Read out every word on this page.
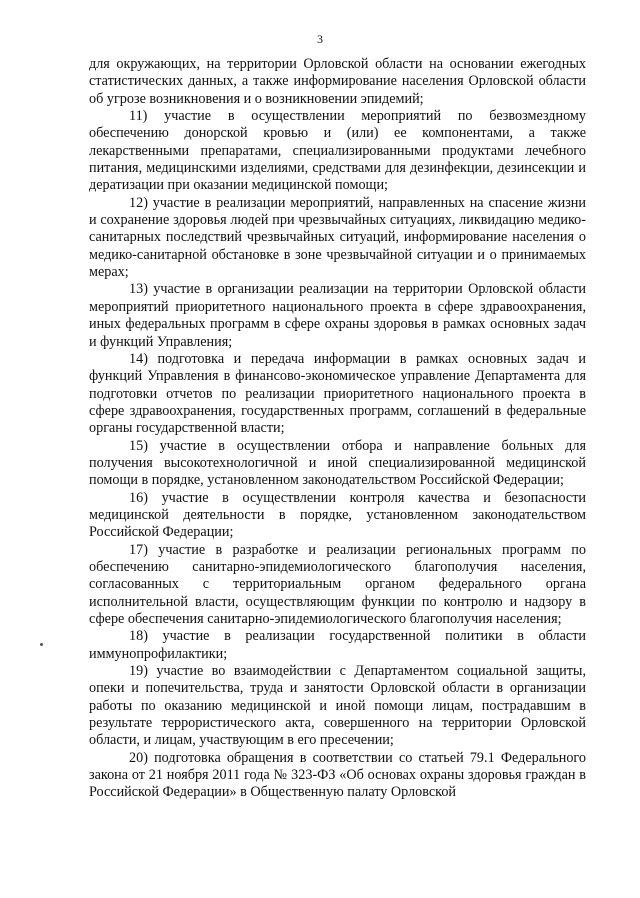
3

для окружающих, на территории Орловской области на основании ежегодных статистических данных, а также информирование населения Орловской области об угрозе возникновения и о возникновении эпидемий;

11) участие в осуществлении мероприятий по безвозмездному обеспечению донорской кровью и (или) ее компонентами, а также лекарственными препаратами, специализированными продуктами лечебного питания, медицинскими изделиями, средствами для дезинфекции, дезинсекции и дератизации при оказании медицинской помощи;

12) участие в реализации мероприятий, направленных на спасение жизни и сохранение здоровья людей при чрезвычайных ситуациях, ликвидацию медико-санитарных последствий чрезвычайных ситуаций, информирование населения о медико-санитарной обстановке в зоне чрезвычайной ситуации и о принимаемых мерах;

13) участие в организации реализации на территории Орловской области мероприятий приоритетного национального проекта в сфере здравоохранения, иных федеральных программ в сфере охраны здоровья в рамках основных задач и функций Управления;

14) подготовка и передача информации в рамках основных задач и функций Управления в финансово-экономическое управление Департамента для подготовки отчетов по реализации приоритетного национального проекта в сфере здравоохранения, государственных программ, соглашений в федеральные органы государственной власти;

15) участие в осуществлении отбора и направление больных для получения высокотехнологичной и иной специализированной медицинской помощи в порядке, установленном законодательством Российской Федерации;

16) участие в осуществлении контроля качества и безопасности медицинской деятельности в порядке, установленном законодательством Российской Федерации;

17) участие в разработке и реализации региональных программ по обеспечению санитарно-эпидемиологического благополучия населения, согласованных с территориальным органом федерального органа исполнительной власти, осуществляющим функции по контролю и надзору в сфере обеспечения санитарно-эпидемиологического благополучия населения;

18) участие в реализации государственной политики в области иммунопрофилактики;

19) участие во взаимодействии с Департаментом социальной защиты, опеки и попечительства, труда и занятости Орловской области в организации работы по оказанию медицинской и иной помощи лицам, пострадавшим в результате террористического акта, совершенного на территории Орловской области, и лицам, участвующим в его пресечении;

20) подготовка обращения в соответствии со статьей 79.1 Федерального закона от 21 ноября 2011 года № 323-ФЗ «Об основах охраны здоровья граждан в Российской Федерации» в Общественную палату Орловской
